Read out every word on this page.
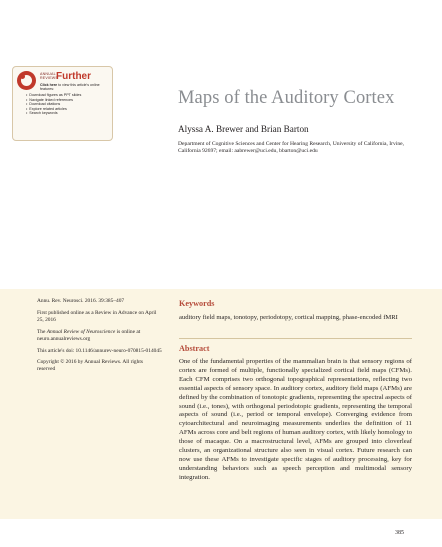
ANNUAL
REVIEWS
Further
Click here to view this article's online features:
• Download figures as PPT slides
• Navigate linked references
• Download citations
• Explore related articles
• Search keywords
Maps of the Auditory Cortex
Alyssa A. Brewer and Brian Barton
Department of Cognitive Sciences and Center for Hearing Research, University of California, Irvine, California 92697; email: aabrewer@uci.edu, bbarton@uci.edu

Annu. Rev. Neurosci. 2016. 39:385–407

First published online as a Review in Advance on April 25, 2016

The Annual Review of Neuroscience is online at neuro.annualreviews.org

This article's doi: 10.1146/annurev-neuro-070815-014045

Copyright © 2016 by Annual Reviews. All rights reserved

Keywords
auditory field maps, tonotopy, periodotopy, cortical mapping, phase-encoded fMRI
Abstract

One of the fundamental properties of the mammalian brain is that sensory regions of cortex are formed of multiple, functionally specialized cortical field maps (CFMs). Each CFM comprises two orthogonal topographical representations, reflecting two essential aspects of sensory space. In auditory cortex, auditory field maps (AFMs) are defined by the combination of tonotopic gradients, representing the spectral aspects of sound (i.e., tones), with orthogonal periodotopic gradients, representing the temporal aspects of sound (i.e., period or temporal envelope). Converging evidence from cytoarchitectural and neuroimaging measurements underlies the definition of 11 AFMs across core and belt regions of human auditory cortex, with likely homology to those of macaque. On a macrostructural level, AFMs are grouped into cloverleaf clusters, an organizational structure also seen in visual cortex. Future research can now use these AFMs to investigate specific stages of auditory processing, key for understanding behaviors such as speech perception and multimodal sensory integration.

385
